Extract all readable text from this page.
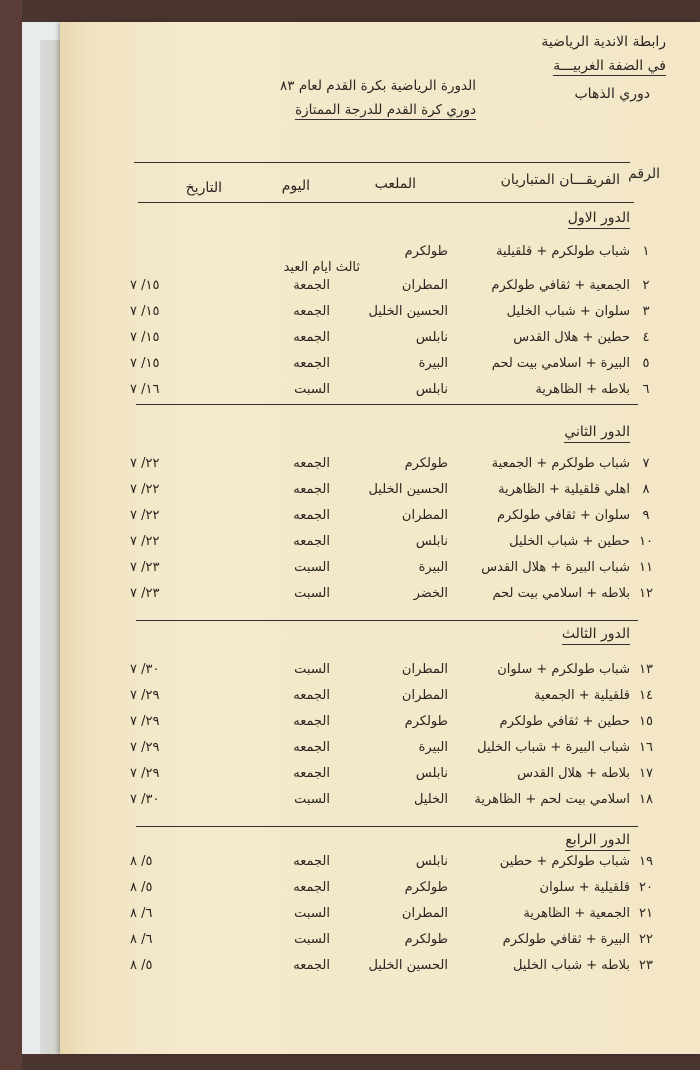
رابطة الاندية الرياضية
في الضفة الغربيـــة
دوري الذهاب
الدورة الرياضية بكرة القدم لعام ٨٣
دوري كرة القدم للدرجة الممتازة
الرقم
الفريقـــان المتباريان
الملعب
اليوم
التاريخ
الدور الاول
ثالث ايام العيد
١
شباب طولكرم + قلقيلية
طولكرم
٢
الجمعية + ثقافي طولكرم
المطران
الجمعة
١٥/ ٧
٣
سلوان + شباب الخليل
الحسين الخليل
الجمعه
١٥/ ٧
٤
حطين + هلال القدس
نابلس
الجمعه
١٥/ ٧
٥
البيرة + اسلامي بيت لحم
البيرة
الجمعه
١٥/ ٧
٦
بلاطه + الظاهرية
نابلس
السبت
١٦/ ٧
الدور الثاني
٧
شباب طولكرم + الجمعية
طولكرم
الجمعه
٢٢/ ٧
٨
اهلي قلقيلية + الظاهرية
الحسين الخليل
الجمعه
٢٢/ ٧
٩
سلوان + ثقافي طولكرم
المطران
الجمعه
٢٢/ ٧
١٠
حطين + شباب الخليل
نابلس
الجمعه
٢٢/ ٧
١١
شباب البيرة + هلال القدس
البيرة
السبت
٢٣/ ٧
١٢
بلاطه + اسلامي بيت لحم
الخضر
السبت
٢٣/ ٧
الدور الثالث
١٣
شباب طولكرم + سلوان
المطران
السبت
٣٠/ ٧
١٤
قلقيلية + الجمعية
المطران
الجمعه
٢٩/ ٧
١٥
حطين + ثقافي طولكرم
طولكرم
الجمعه
٢٩/ ٧
١٦
شباب البيرة + شباب الخليل
البيرة
الجمعه
٢٩/ ٧
١٧
بلاطه + هلال القدس
نابلس
الجمعه
٢٩/ ٧
١٨
اسلامي بيت لحم + الظاهرية
الخليل
السبت
٣٠/ ٧
الدور الرابع
١٩
شباب طولكرم + حطين
نابلس
الجمعه
٥/ ٨
٢٠
قلقيلية + سلوان
طولكرم
الجمعه
٥/ ٨
٢١
الجمعية + الظاهرية
المطران
السبت
٦/ ٨
٢٢
البيرة + ثقافي طولكرم
طولكرم
السبت
٦/ ٨
٢٣
بلاطه + شباب الخليل
الحسين الخليل
الجمعه
٥/ ٨
